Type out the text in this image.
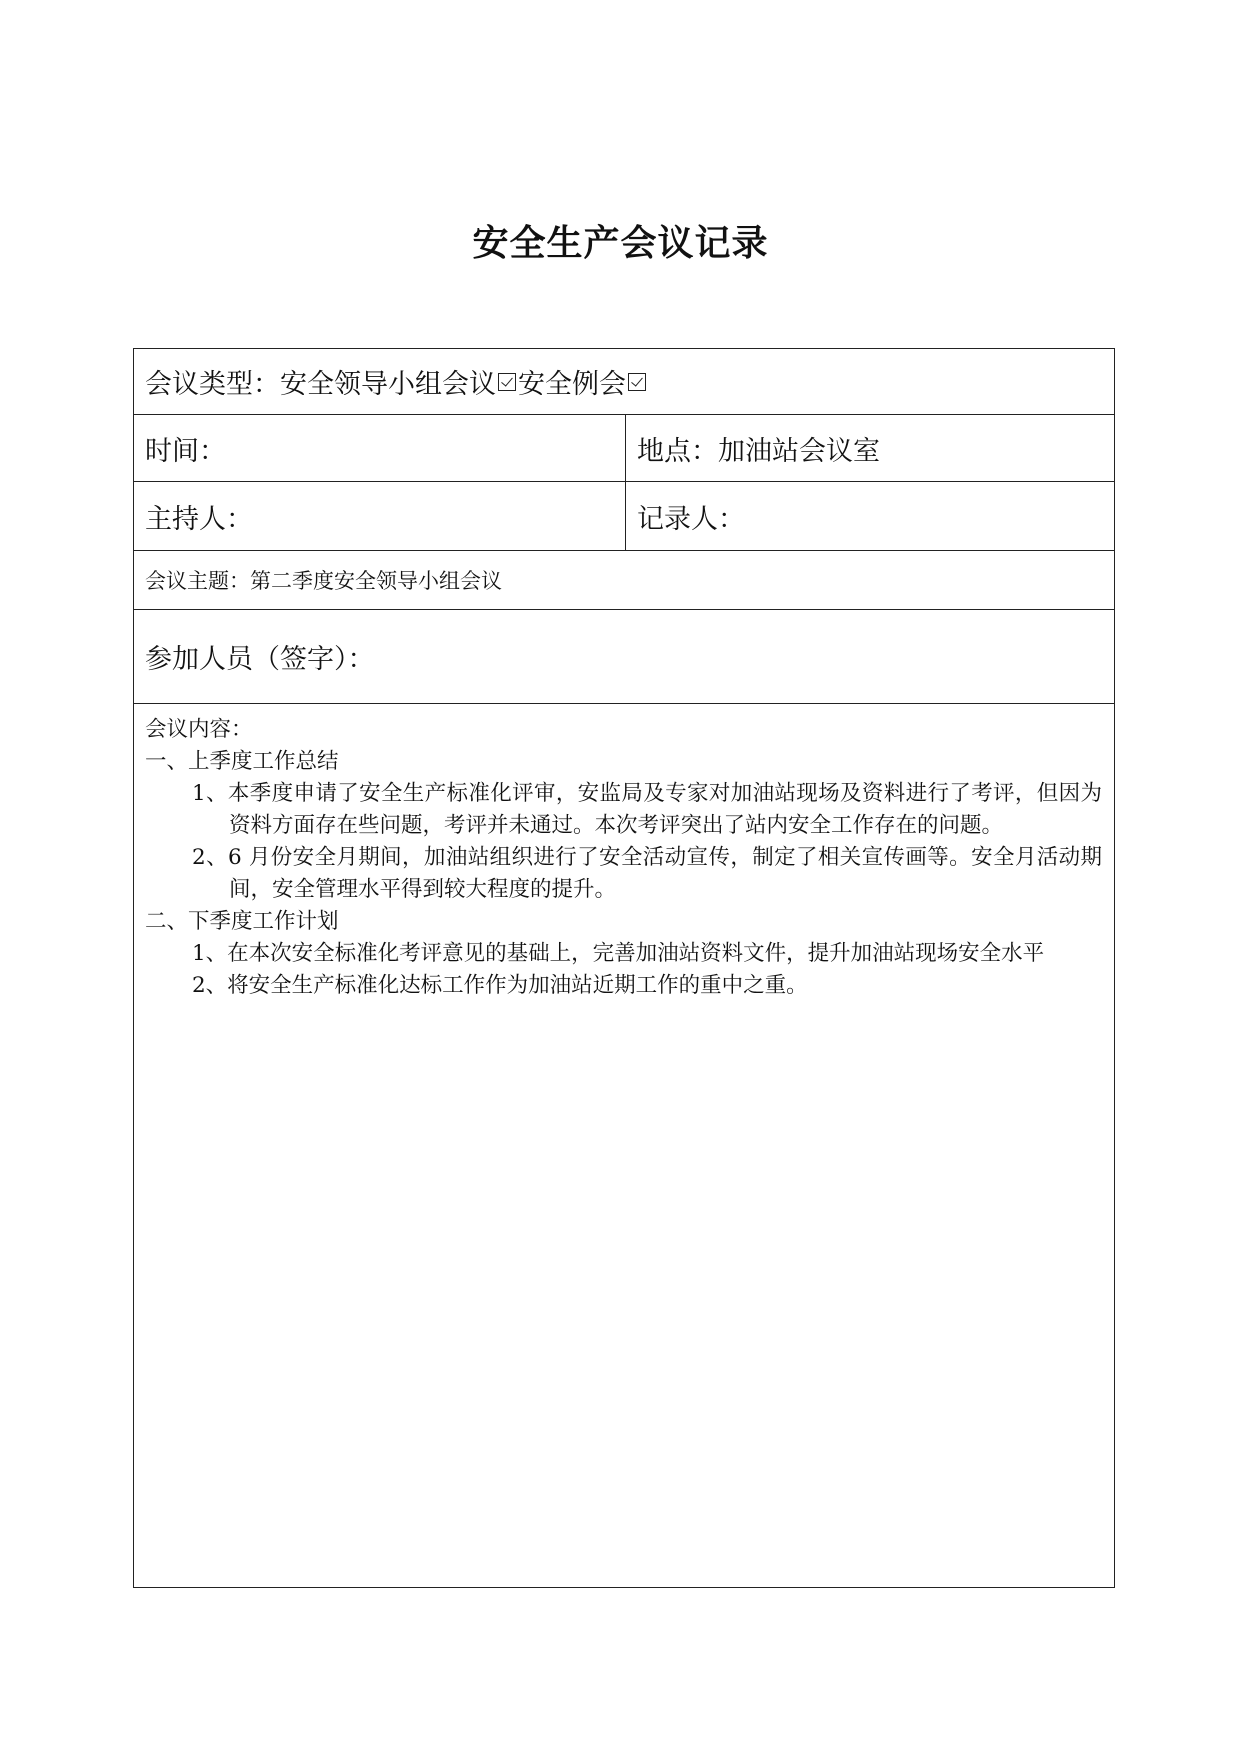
安全生产会议记录
会议类型： 安全领导小组会议 安全例会
时间：	地点： 加油站会议室
主持人：	记录人：
会议主题： 第二季度安全领导小组会议
参加人员（签字）：

会议内容：

一、上季度工作总结

1、本季度申请了安全生产标准化评审，安监局及专家对加油站现场及资料进行了考评，但因为资料方面存在些问题，考评并未通过。本次考评突出了站内安全工作存在的问题。

2、6 月份安全月期间，加油站组织进行了安全活动宣传，制定了相关宣传画等。安全月活动期间，安全管理水平得到较大程度的提升。

二、下季度工作计划

1、在本次安全标准化考评意见的基础上，完善加油站资料文件，提升加油站现场安全水平

2、将安全生产标准化达标工作作为加油站近期工作的重中之重。
